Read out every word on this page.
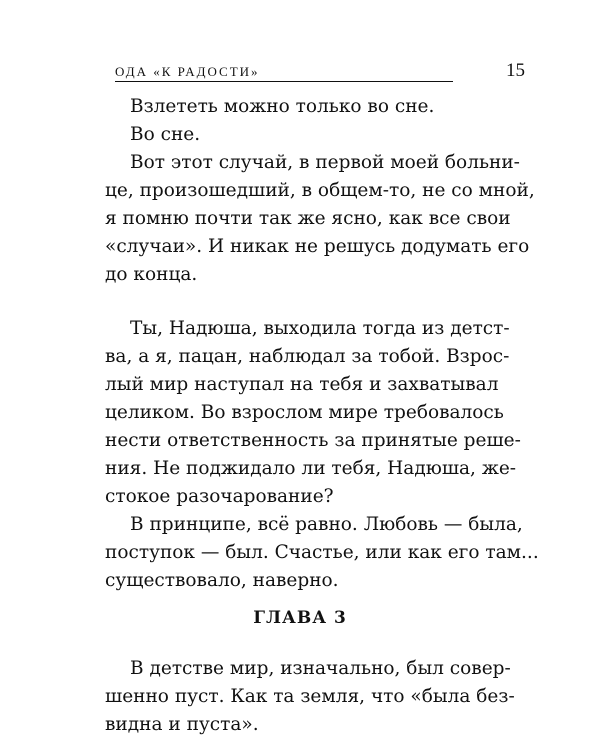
ОДА «К РАДОСТИ»	15
Взлететь можно только во сне.
Во сне.
Вот этот случай, в первой моей больни-
це, произошедший, в общем-то, не со мной,
я помню почти так же ясно, как все свои
«случаи». И никак не решусь додумать его
до конца.
Ты, Надюша, выходила тогда из детст-
ва, а я, пацан, наблюдал за тобой. Взрос-
лый мир наступал на тебя и захватывал
целиком. Во взрослом мире требовалось
нести ответственность за принятые реше-
ния. Не поджидало ли тебя, Надюша, же-
стокое разочарование?
В принципе, всё равно. Любовь — была,
поступок — был. Счастье, или как его там...
существовало, наверно.
ГЛАВА 3
В детстве мир, изначально, был совер-
шенно пуст. Как та земля, что «была без-
видна и пуста».
